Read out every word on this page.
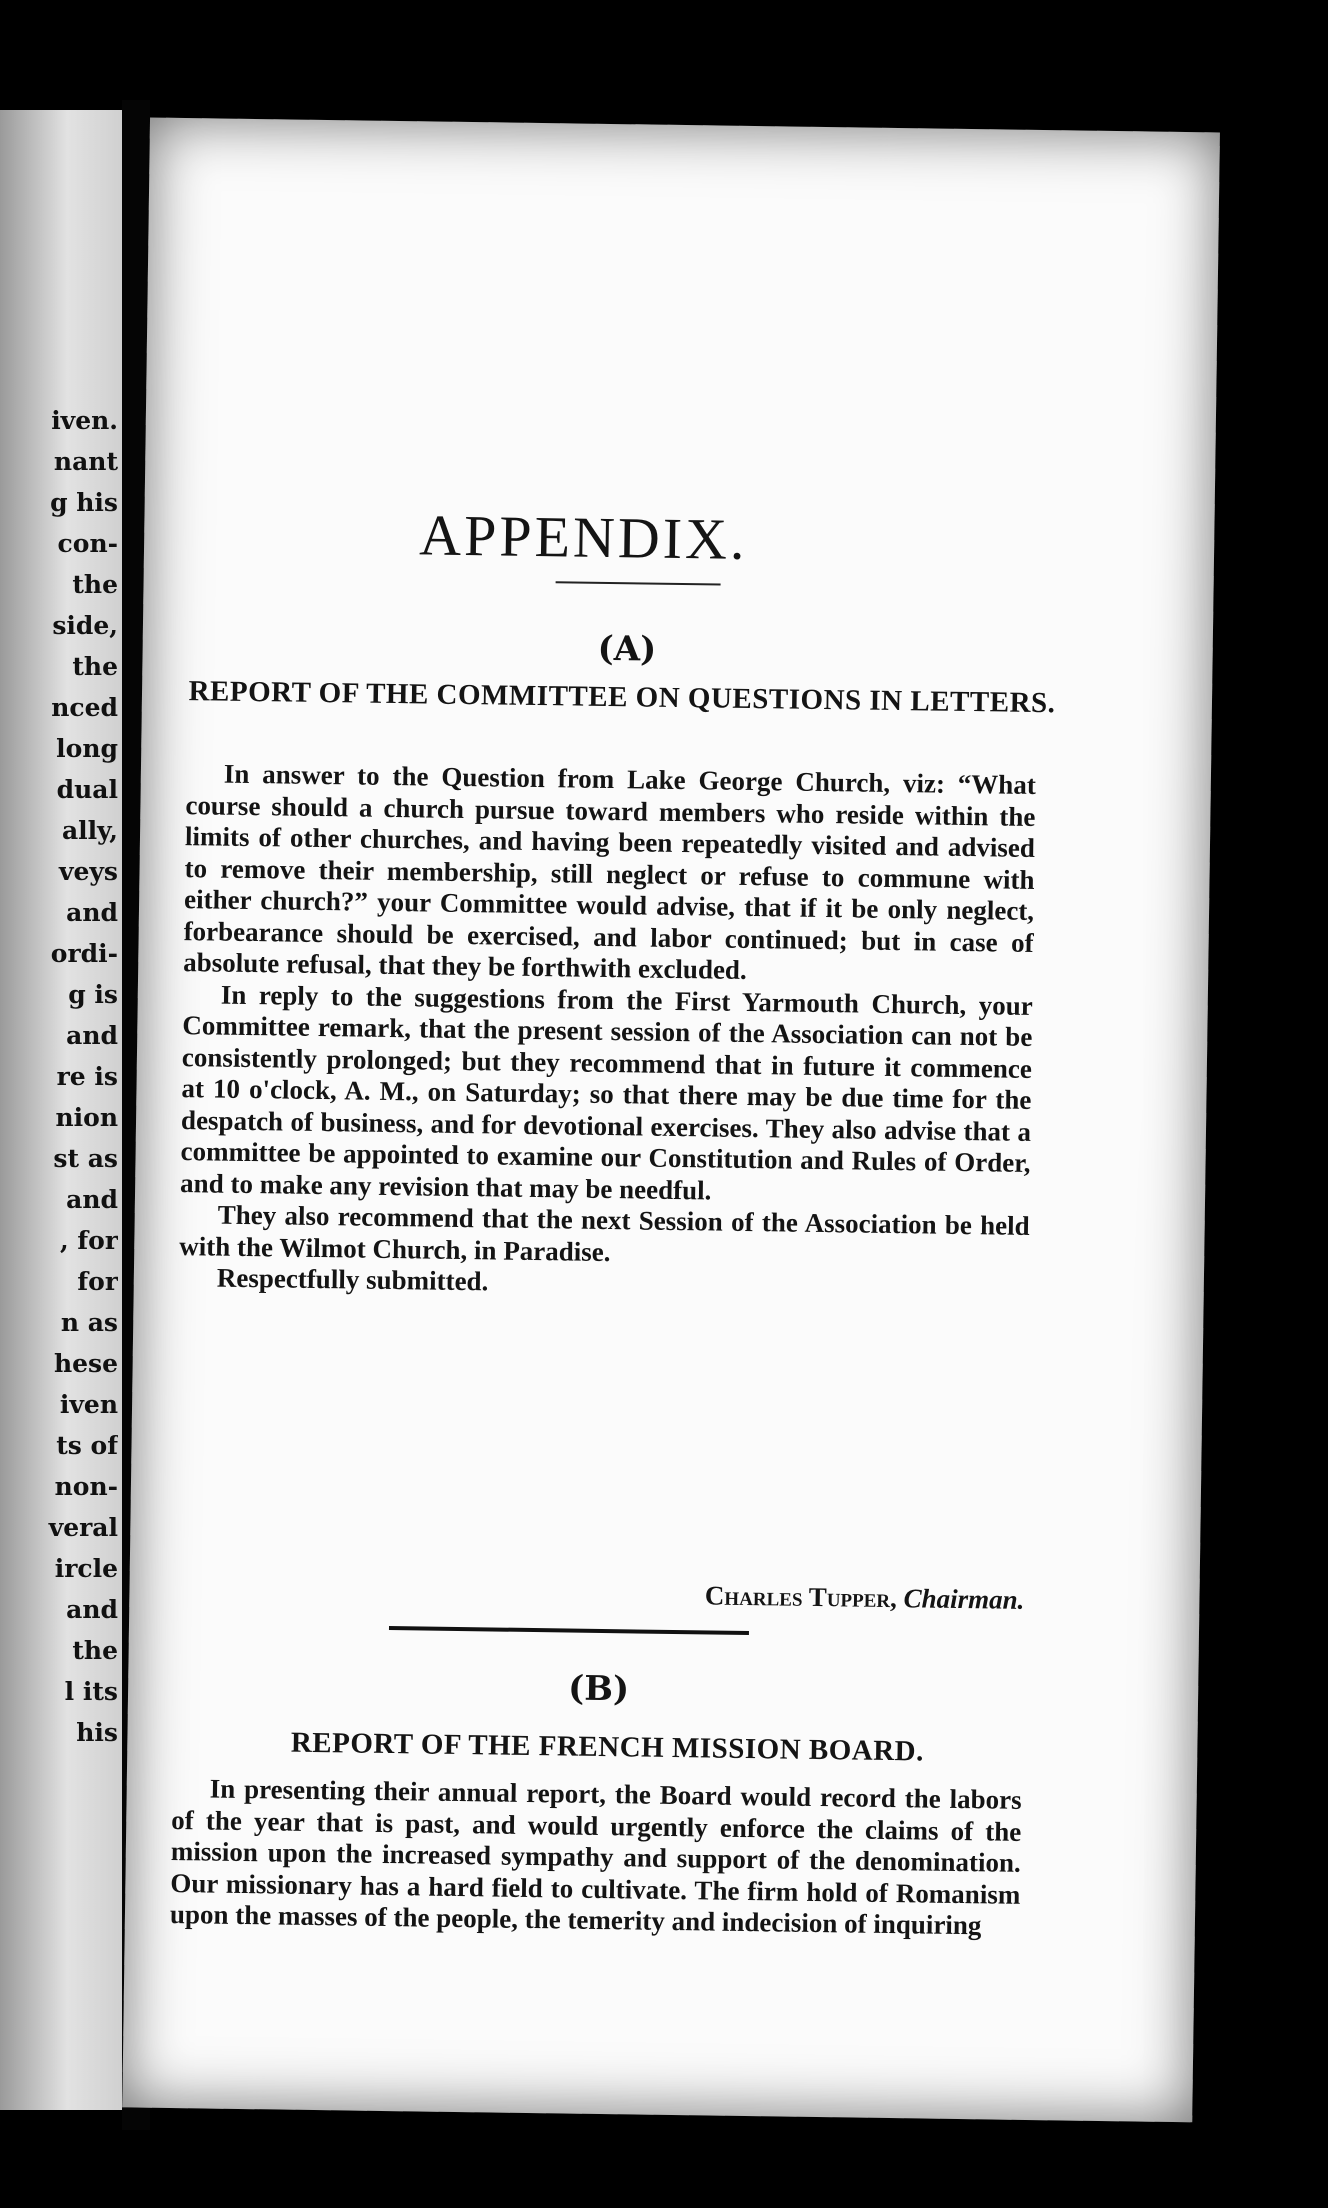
iven.
nant
g his
con-
the
side,
the
nced
long
dual
ally,
veys
and
ordi-
g is
and
re is
nion
st as
and
, for
for
n as
hese
iven
ts of
non-
veral
ircle
and
the
l its
his
APPENDIX.
(A)
REPORT OF THE COMMITTEE ON QUESTIONS IN LETTERS.

In answer to the Question from Lake George Church, viz: “What course should a church pursue toward members who reside within the limits of other churches, and having been repeatedly visited and advised to remove their membership, still neglect or refuse to commune with either church?” your Committee would advise, that if it be only neglect, forbearance should be exercised, and labor continued; but in case of absolute refusal, that they be forthwith excluded.

In reply to the suggestions from the First Yarmouth Church, your Committee remark, that the present session of the Association can not be consistently prolonged; but they recommend that in future it commence at 10 o'clock, A. M., on Saturday; so that there may be due time for the despatch of business, and for devotional exercises. They also advise that a committee be appointed to examine our Constitution and Rules of Order, and to make any revision that may be needful.

They also recommend that the next Session of the Association be held with the Wilmot Church, in Paradise.

Respectfully submitted.

Charles Tupper, Chairman.
(B)
REPORT OF THE FRENCH MISSION BOARD.

In presenting their annual report, the Board would record the labors of the year that is past, and would urgently enforce the claims of the mission upon the increased sympathy and support of the denomination. Our missionary has a hard field to cultivate. The firm hold of Romanism upon the masses of the people, the temerity and indecision of inquiring
